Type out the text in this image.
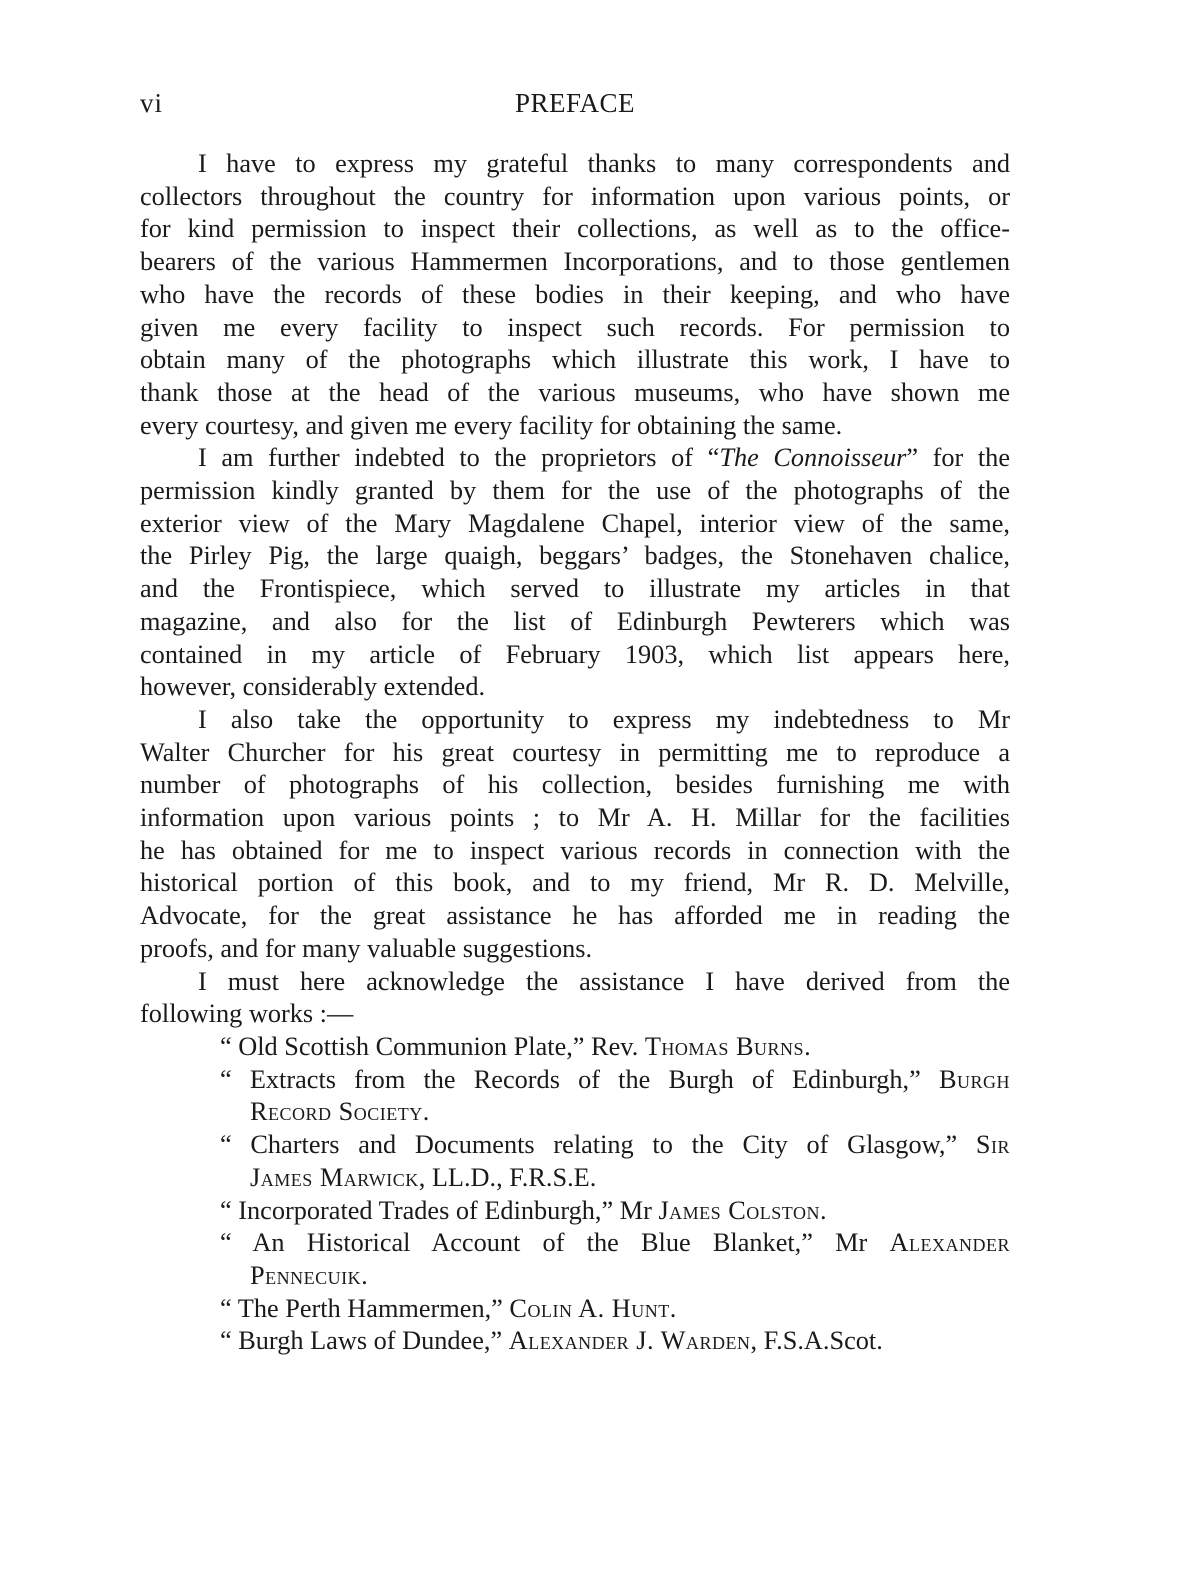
vi	PREFACE
I have to express my grateful thanks to many correspondents and
collectors throughout the country for information upon various points, or
for kind permission to inspect their collections, as well as to the office-
bearers of the various Hammermen Incorporations, and to those gentlemen
who have the records of these bodies in their keeping, and who have
given me every facility to inspect such records. For permission to
obtain many of the photographs which illustrate this work, I have to
thank those at the head of the various museums, who have shown me
every courtesy, and given me every facility for obtaining the same.
I am further indebted to the proprietors of “The Connoisseur” for the
permission kindly granted by them for the use of the photographs of the
exterior view of the Mary Magdalene Chapel, interior view of the same,
the Pirley Pig, the large quaigh, beggars’ badges, the Stonehaven chalice,
and the Frontispiece, which served to illustrate my articles in that
magazine, and also for the list of Edinburgh Pewterers which was
contained in my article of February 1903, which list appears here,
however, considerably extended.
I also take the opportunity to express my indebtedness to Mr
Walter Churcher for his great courtesy in permitting me to reproduce a
number of photographs of his collection, besides furnishing me with
information upon various points ; to Mr A. H. Millar for the facilities
he has obtained for me to inspect various records in connection with the
historical portion of this book, and to my friend, Mr R. D. Melville,
Advocate, for the great assistance he has afforded me in reading the
proofs, and for many valuable suggestions.
I must here acknowledge the assistance I have derived from the
following works :—
“ Old Scottish Communion Plate,” Rev. Thomas Burns.
“ Extracts from the Records of the Burgh of Edinburgh,” Burgh
Record Society.
“ Charters and Documents relating to the City of Glasgow,” Sir
James Marwick, LL.D., F.R.S.E.
“ Incorporated Trades of Edinburgh,” Mr James Colston.
“ An Historical Account of the Blue Blanket,” Mr Alexander
Pennecuik.
“ The Perth Hammermen,” Colin A. Hunt.
“ Burgh Laws of Dundee,” Alexander J. Warden, F.S.A.Scot.
